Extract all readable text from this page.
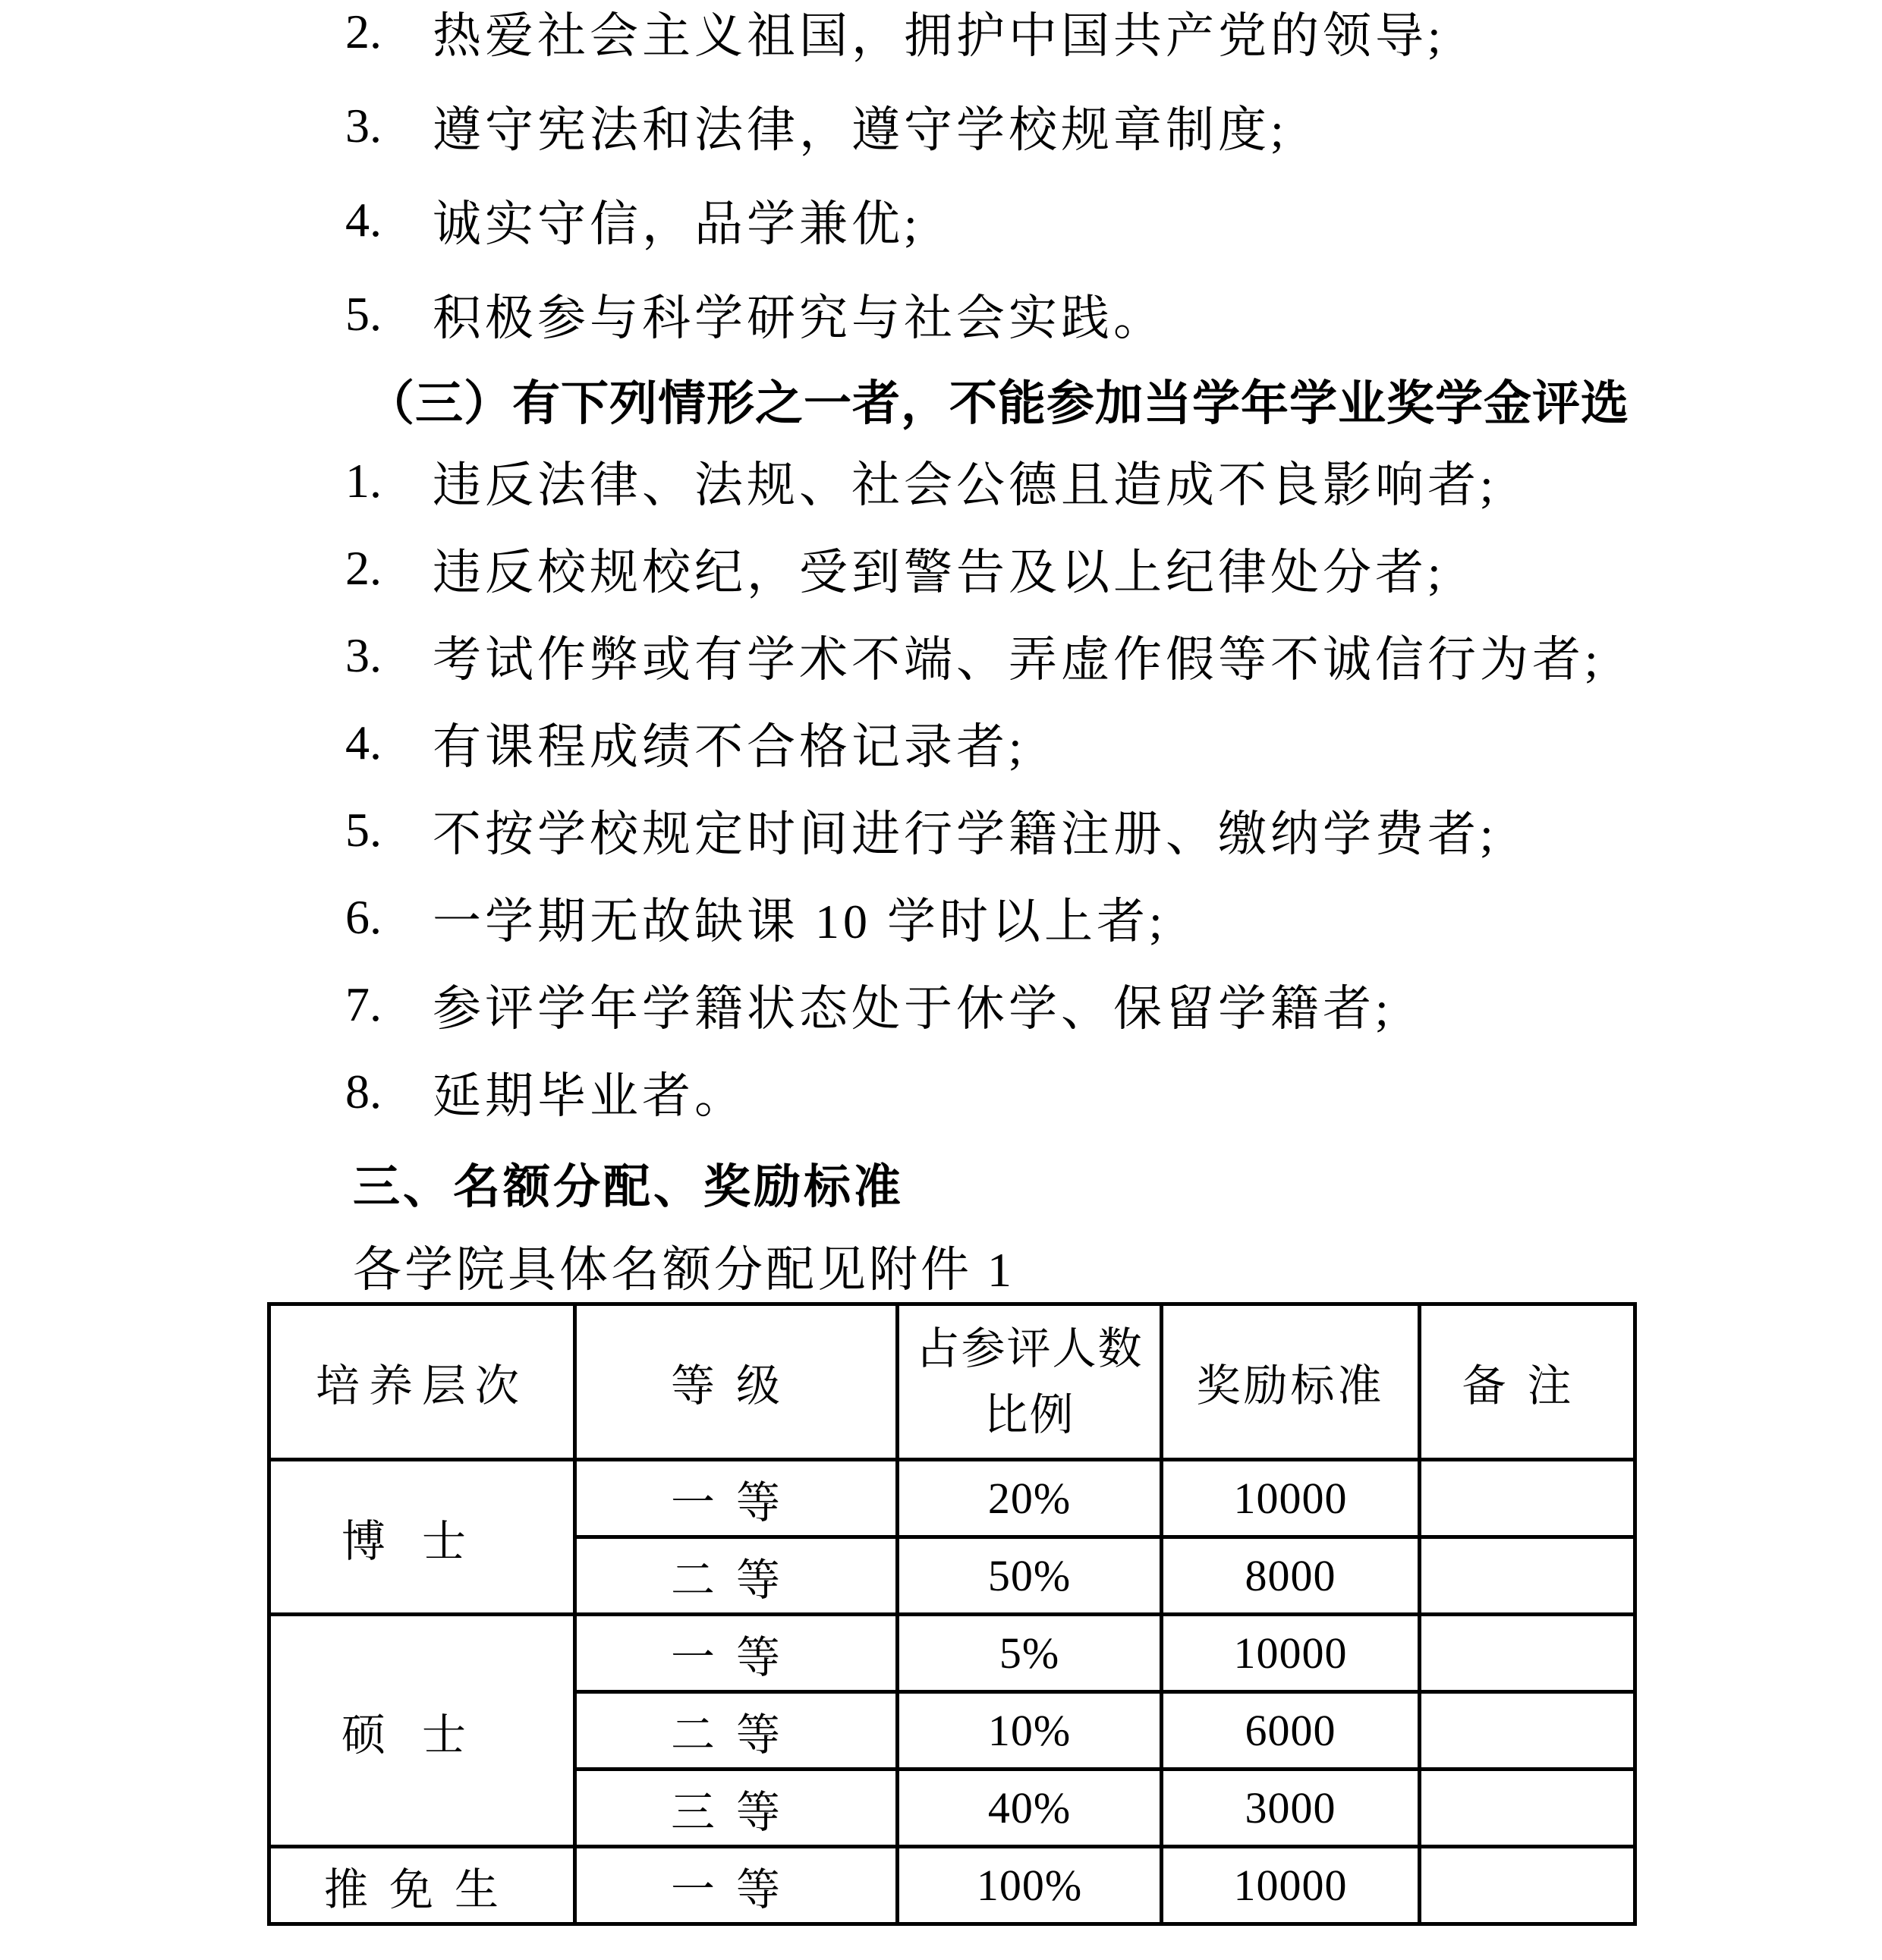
2.	热爱社会主义祖国，拥护中国共产党的领导;
3.	遵守宪法和法律，遵守学校规章制度;
4.	诚实守信，品学兼优;
5.	积极参与科学研究与社会实践。
（三）有下列情形之一者，不能参加当学年学业奖学金评选
1.	违反法律、法规、社会公德且造成不良影响者;
2.	违反校规校纪，受到警告及以上纪律处分者;
3.	考试作弊或有学术不端、弄虚作假等不诚信行为者;
4.	有课程成绩不合格记录者;
5.	不按学校规定时间进行学籍注册、缴纳学费者;
6.	一学期无故缺课 10 学时以上者;
7.	参评学年学籍状态处于休学、保留学籍者;
8.	延期毕业者。
三、名额分配、奖励标准
各学院具体名额分配见附件 1
培养层次	等级	占参评人数比例	奖励标准	备注
博士	一等	20%	10000	
	二等	50%	8000	
硕士	一等	5%	10000	
	二等	10%	6000	
	三等	40%	3000	
推免生	一等	100%	10000	
